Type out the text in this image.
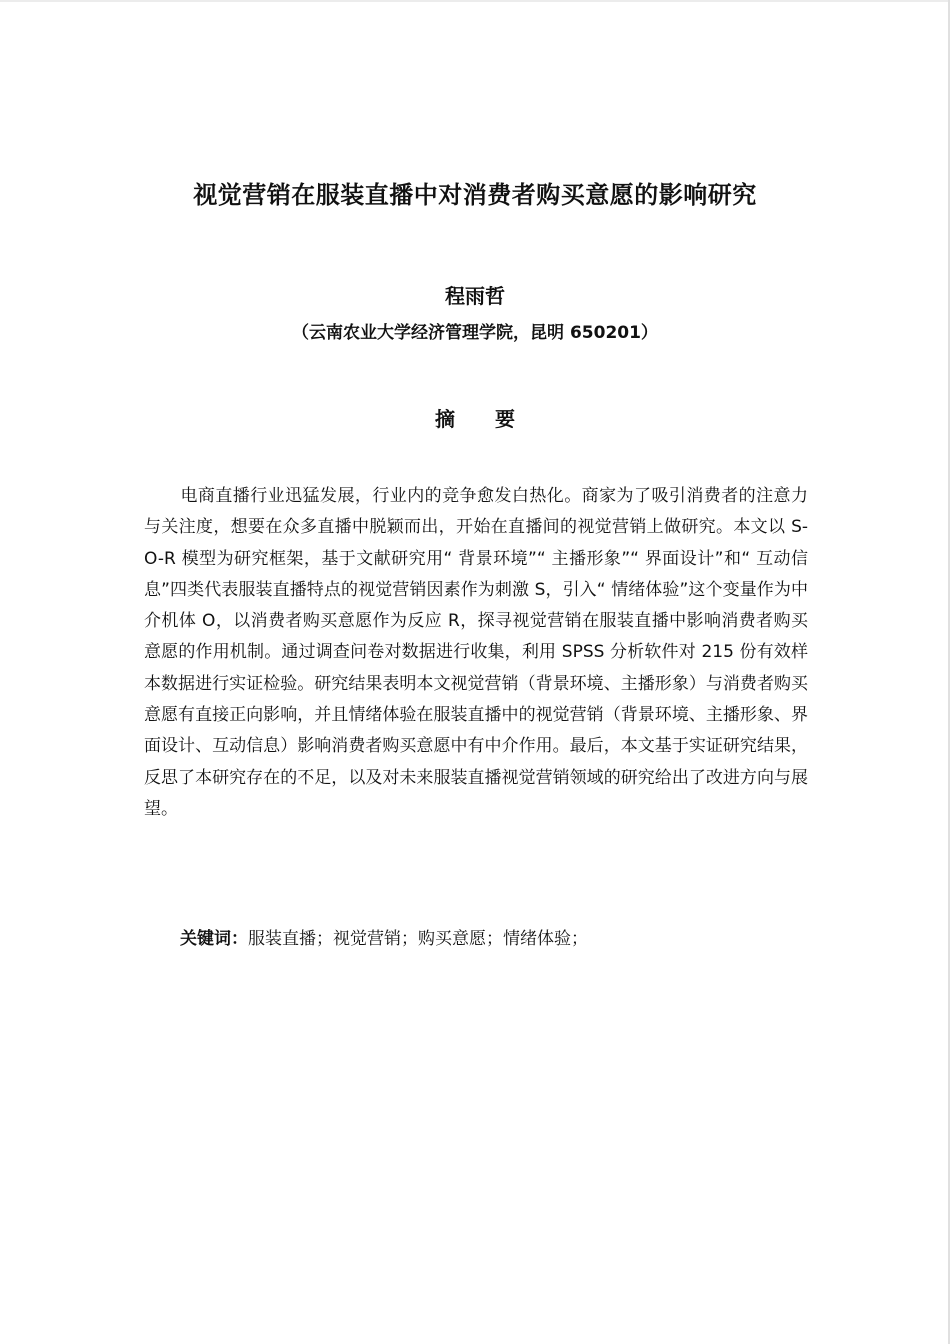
视觉营销在服装直播中对消费者购买意愿的影响研究
程雨哲
（云南农业大学经济管理学院，昆明 650201）
摘要
电商直播行业迅猛发展，行业内的竞争愈发白热化。商家为了吸引消费者的注意力与关注度，想要在众多直播中脱颖而出，开始在直播间的视觉营销上做研究。本文以 S-O-R 模型为研究框架，基于文献研究用“ 背景环境”“ 主播形象”“ 界面设计”和“ 互动信息”四类代表服装直播特点的视觉营销因素作为刺激 S，引入“ 情绪体验”这个变量作为中介机体 O，以消费者购买意愿作为反应 R，探寻视觉营销在服装直播中影响消费者购买意愿的作用机制。通过调查问卷对数据进行收集，利用 SPSS 分析软件对 215 份有效样本数据进行实证检验。研究结果表明本文视觉营销（背景环境、主播形象）与消费者购买意愿有直接正向影响，并且情绪体验在服装直播中的视觉营销（背景环境、主播形象、界面设计、互动信息）影响消费者购买意愿中有中介作用。最后，本文基于实证研究结果，反思了本研究存在的不足，以及对未来服装直播视觉营销领域的研究给出了改进方向与展望。
关键词：服装直播；视觉营销；购买意愿；情绪体验；
